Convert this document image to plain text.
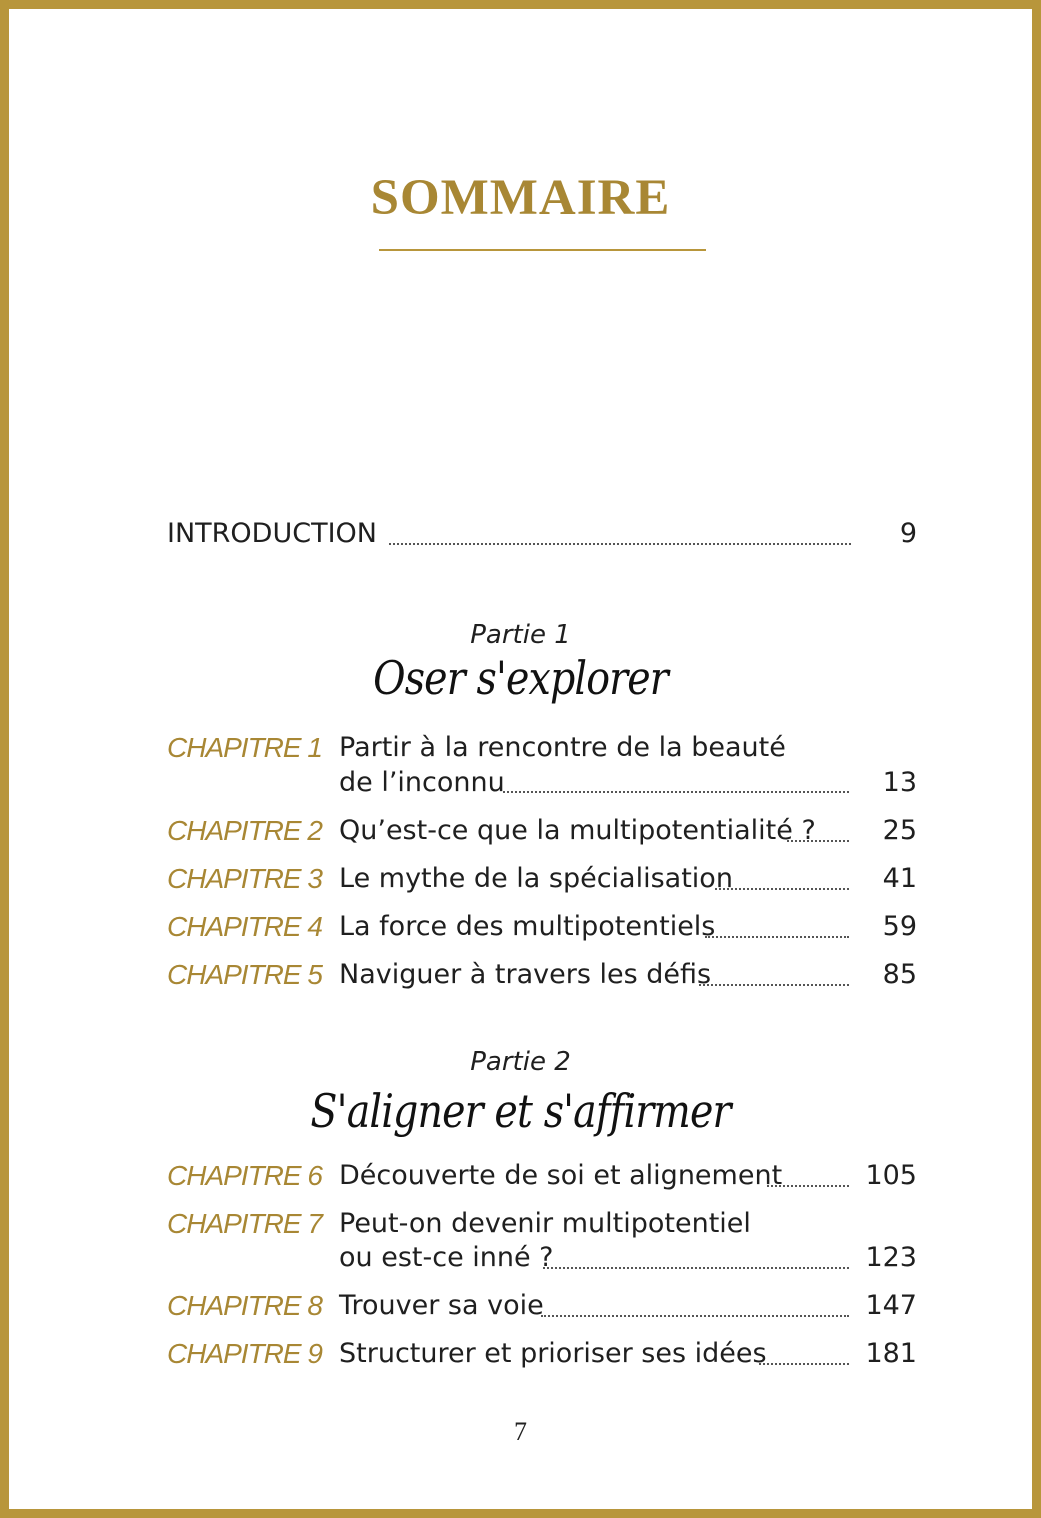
SOMMAIRE
INTRODUCTION	9
Partie 1
Oser s'explorer
CHAPITRE 1 Partir à la rencontre de la beauté
de l’inconnu	13
CHAPITRE 2 Qu’est-ce que la multipotentialité ? 25
CHAPITRE 3 Le mythe de la spécialisation	41
CHAPITRE 4 La force des multipotentiels	59
CHAPITRE 5 Naviguer à travers les défis	85
Partie 2
S'aligner et s'affirmer
CHAPITRE 6 Découverte de soi et alignement	105
CHAPITRE 7 Peut-on devenir multipotentiel
ou est-ce inné ?	123
CHAPITRE 8 Trouver sa voie	147
CHAPITRE 9 Structurer et prioriser ses idées	181
7
